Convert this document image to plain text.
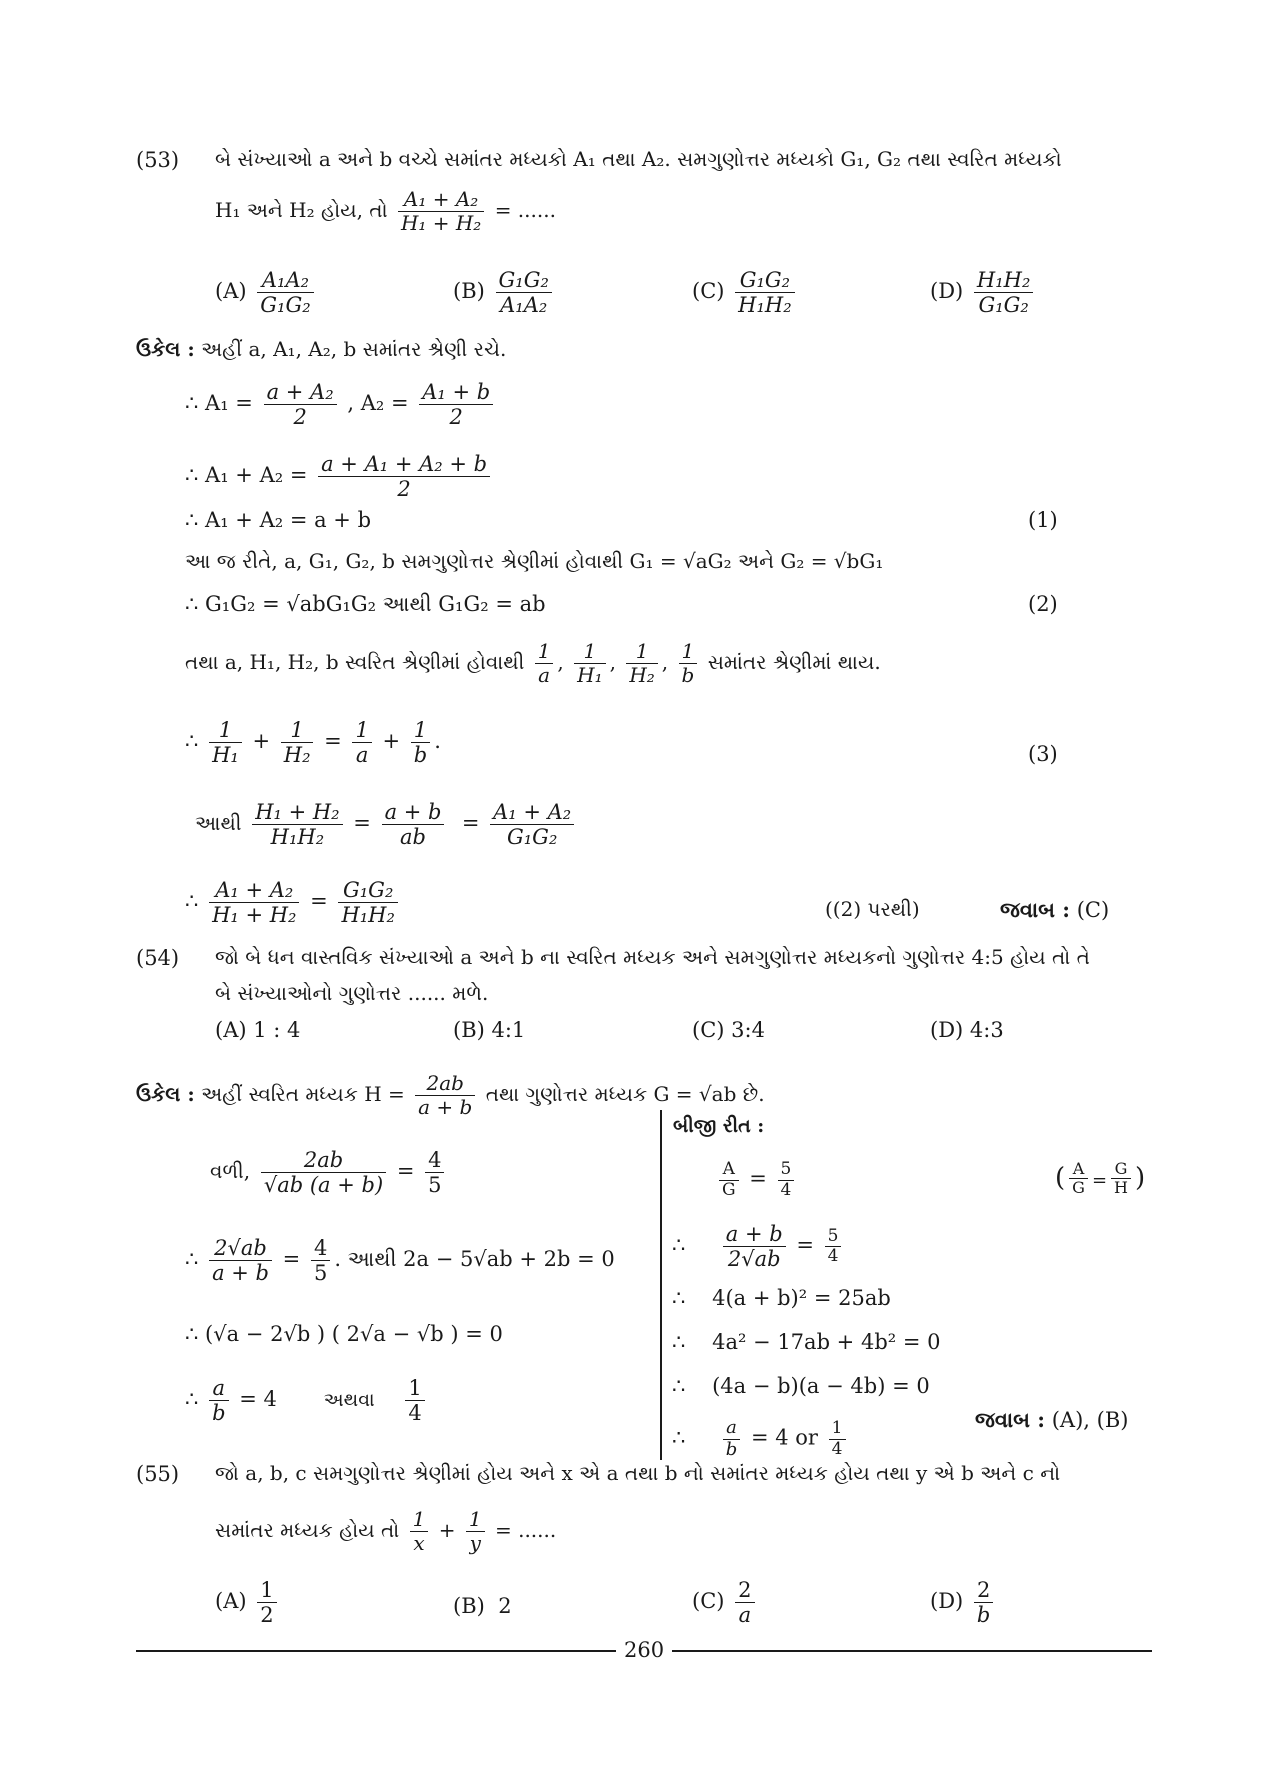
(53) બે સંખ્યાઓ a અને b વચ્ચે સમાંતર મધ્યકો A₁ તથા A₂. સમગુણોત્તર મધ્યકો G₁, G₂ તથા સ્વરિત મધ્યકો
H₁ અને H₂ હોય, તો $\frac{\text{A₁ + A₂}}{\text{H₁ + H₂}}$ = ......
$(A) \frac{\text{A₁A₂}}{\text{G₁G₂}}$	$(B) \frac{\text{G₁G₂}}{\text{A₁A₂}}$	$(C) \frac{\text{G₁G₂}}{\text{H₁H₂}}$	$(D) \frac{\text{H₁H₂}}{\text{G₁G₂}}$
ઉકેલ : અહીં a, A₁, A₂, b સમાંતર શ્રેણી રચે.
∴ $A_1 = \frac{\text{a + A₂}}{2}$ , $A_2 = \frac{\text{A₁ + b}}{2}$
∴ $A_1 + A_2 = \frac{\text{a + A₁ + A₂ + b}}{2}$
∴ A₁ + A₂ = a + b	(1)
આ જ રીતે, a, G₁, G₂, b સમગુણોત્તર શ્રેણીમાં હોવાથી G₁ = √aG₂ અને G₂ = √bG₁
∴ G₁G₂ = √abG₁G₂ આથી G₁G₂ = ab	(2)
તથા a, H₁, H₂, b સ્વરિત શ્રેણીમાં હોવાથી $\frac{1}{a}$ , $\frac{1}{\text{H₁}}$ , $\frac{1}{\text{H₂}}$ , $\frac{1}{b}$ સમાંતર શ્રેણીમાં થાય.
∴ $\frac{1}{\text{H₁}} + \frac{1}{\text{H₂}} = \frac{1}{a} + \frac{1}{b}$ .
(3)
આથી $\frac{\text{H₁ + H₂}}{\text{H₁H₂}} = \frac{a + b}{ab} = \frac{\text{A₁ + A₂}}{\text{G₁G₂}}$
∴ $\frac{\text{A₁ + A₂}}{\text{H₁ + H₂}} = \frac{\text{G₁G₂}}{\text{H₁H₂}}$	((2) પરથી)	જવાબ : (C)
(54) જો બે ધન વાસ્તવિક સંખ્યાઓ a અને b ના સ્વરિત મધ્યક અને સમગુણોત્તર મધ્યકનો ગુણોત્તર 4:5 હોય તો તે
બે સંખ્યાઓનો ગુણોત્તર ...... મળે.
(A) 1 : 4	(B) 4:1	(C) 3:4	(D) 4:3
ઉકેલ : અહીં સ્વરિત મધ્યક $H = \frac{2ab}{a + b}$ તથા ગુણોત્તર મધ્યક G = √ab છે.
વળી, $\frac{2ab}{√ab (a + b)} = \frac{4}{5}$
∴ $\frac{2√ab}{a + b} = \frac{4}{5}$ . આથી 2a − 5√ab + 2b = 0
∴ (√a − 2√b ) ( 2√a − √b ) = 0
∴ $\frac{a}{b} = 4$ અથવા $\frac{1}{4}$
બીજી રીત :
$\frac{A}{G} = \frac{5}{4}$	( $\frac{A}{G} = \frac{G}{H}$ )
∴ $\frac{a + b}{2√ab} = \frac{5}{4}$
∴ 4(a + b)² = 25ab
∴ 4a² − 17ab + 4b² = 0
∴ (4a − b)(a − 4b) = 0
∴ $\frac{a}{b} = 4$ or $\frac{1}{4}$	જવાબ : (A), (B)
(55) જો a, b, c સમગુણોત્તર શ્રેણીમાં હોય અને x એ a તથા b નો સમાંતર મધ્યક હોય તથા y એ b અને c નો
સમાંતર મધ્યક હોય તો $\frac{1}{x} + \frac{1}{y}$ = ......
$(A) \frac{1}{2}$	(B) 2	$(C) \frac{2}{a}$	$(D) \frac{2}{b}$
260
